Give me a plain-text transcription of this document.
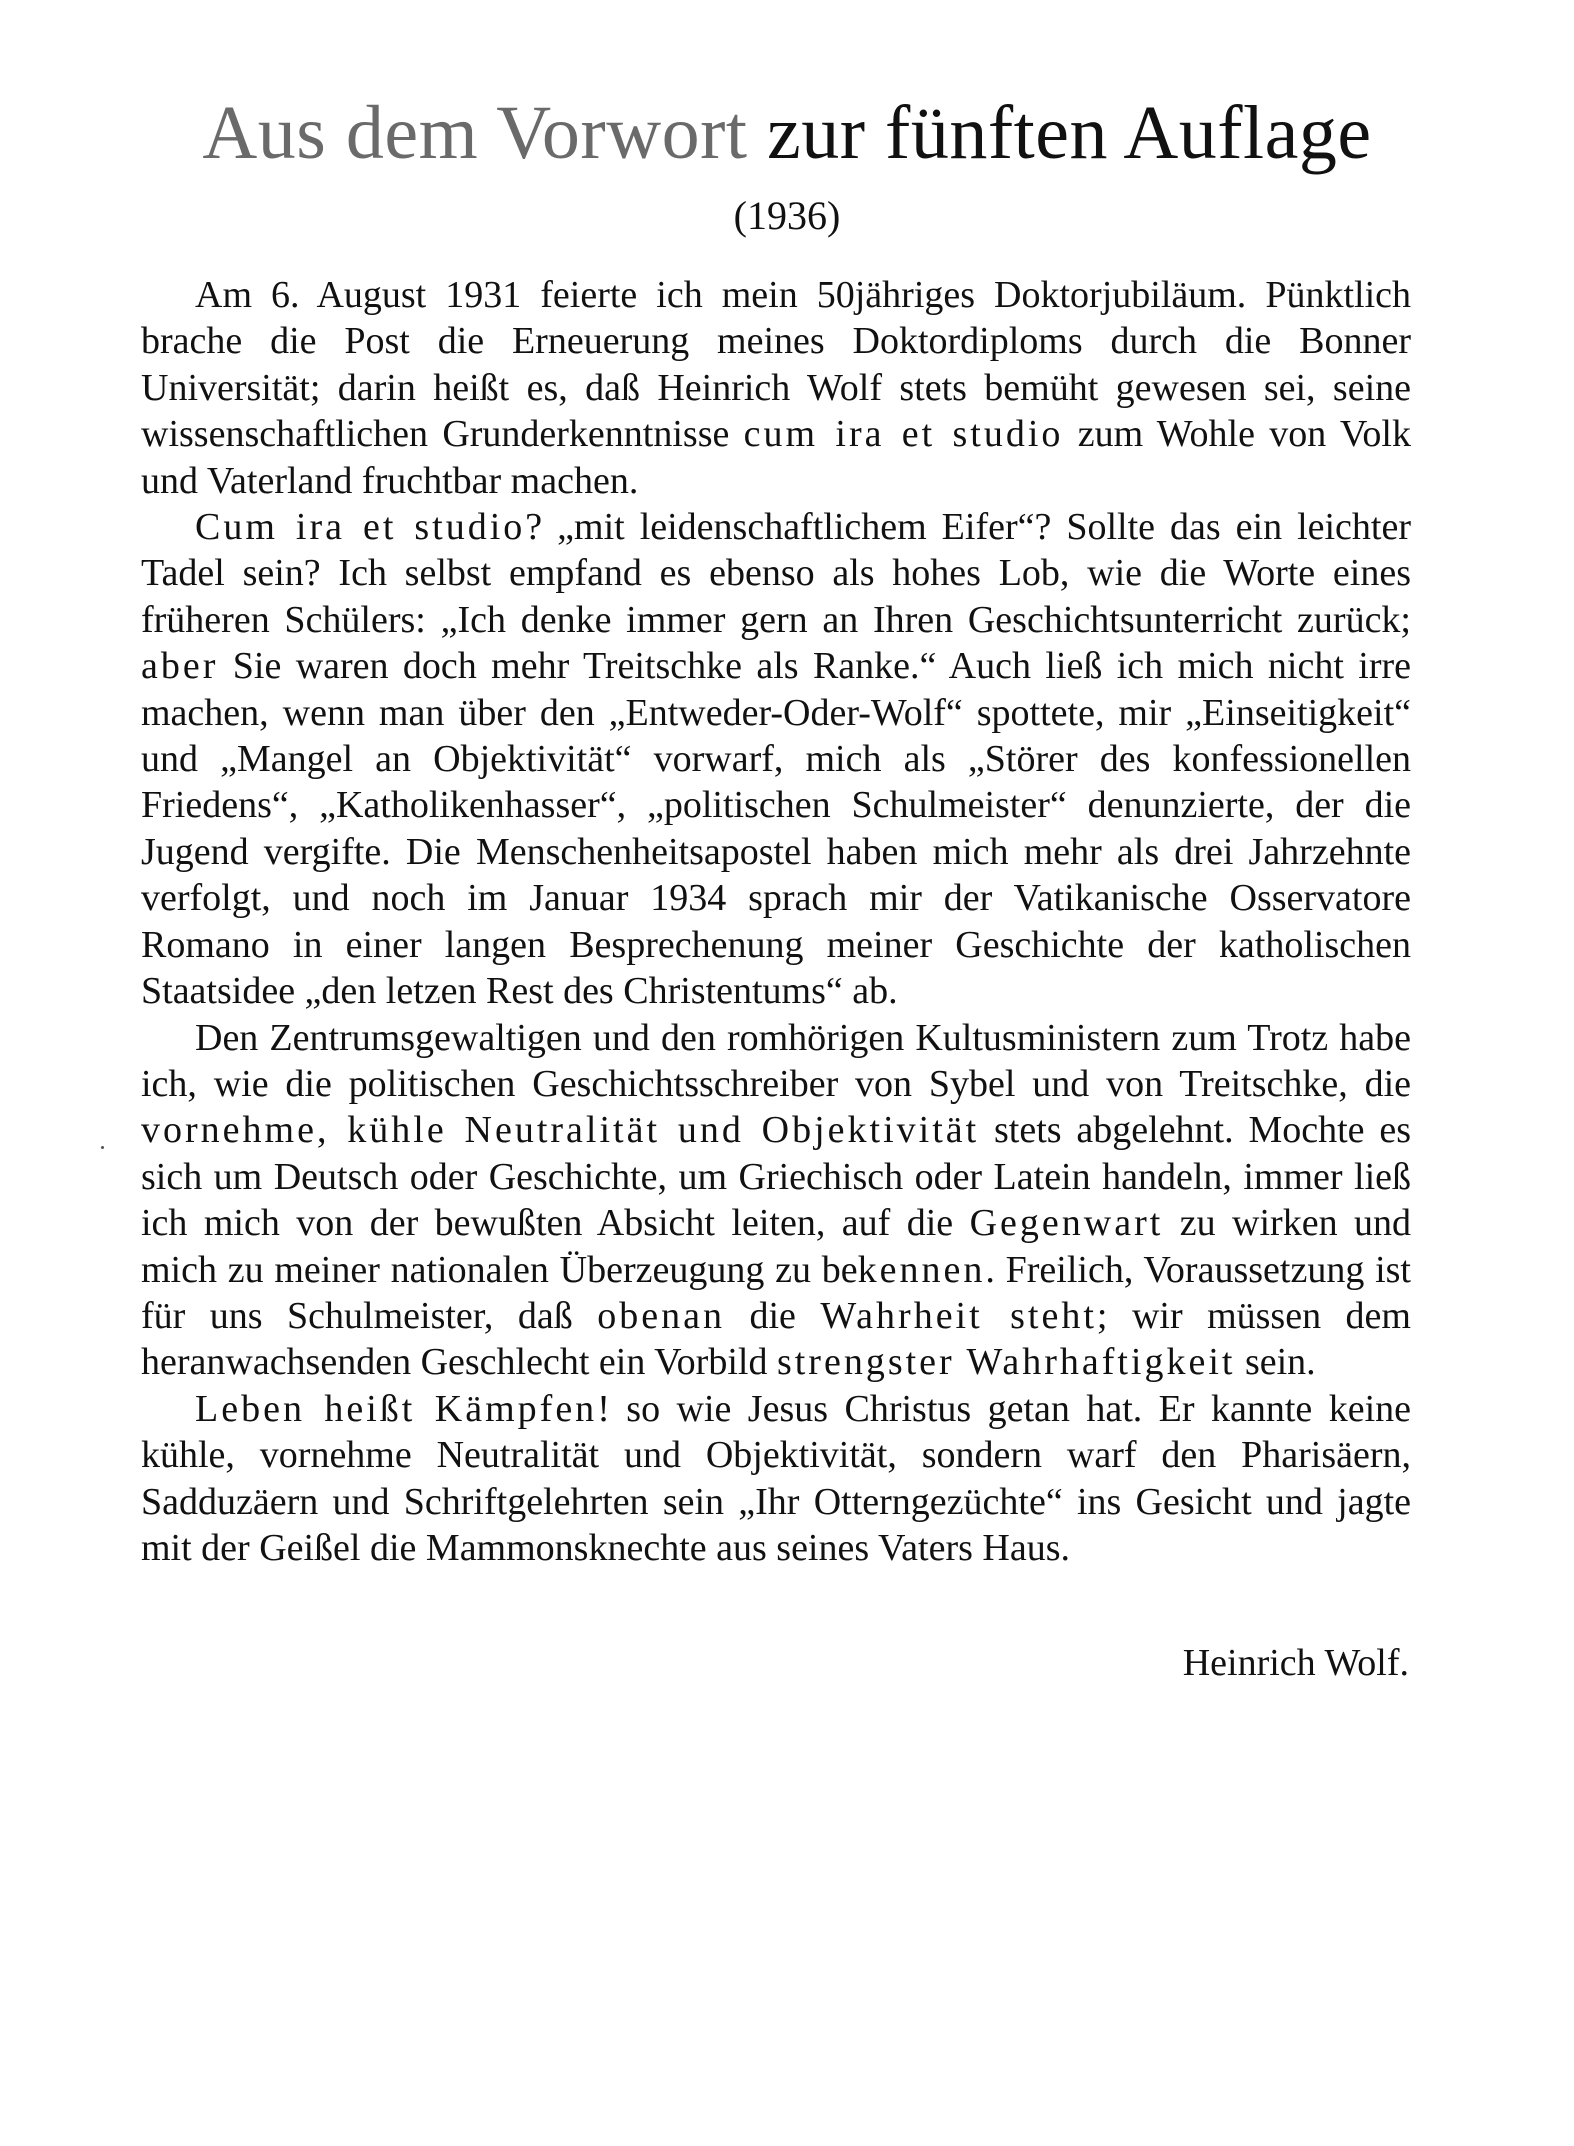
Aus dem Vorwort zur fünften Auflage
(1936)

Am 6. August 1931 feierte ich mein 50jähriges Doktorjubiläum. Pünktlich brache die Post die Erneuerung meines Doktordiploms durch die Bonner Universität; darin heißt es, daß Heinrich Wolf stets bemüht gewesen sei, seine wissenschaftlichen Grunderkenntnisse cum ira et studio zum Wohle von Volk und Vaterland fruchtbar machen.

Cum ira et studio? „mit leidenschaftlichem Eifer“? Sollte das ein leichter Tadel sein? Ich selbst empfand es ebenso als hohes Lob, wie die Worte eines früheren Schülers: „Ich denke immer gern an Ihren Geschichtsunterricht zurück; aber Sie waren doch mehr Treitschke als Ranke.“ Auch ließ ich mich nicht irre machen, wenn man über den „Entweder-Oder-Wolf“ spottete, mir „Einseitigkeit“ und „Mangel an Objektivität“ vorwarf, mich als „Störer des konfessionellen Friedens“, „Katholikenhasser“, „politischen Schulmeister“ denunzierte, der die Jugend vergifte. Die Menschenheitsapostel haben mich mehr als drei Jahrzehnte verfolgt, und noch im Januar 1934 sprach mir der Vatikanische Osservatore Romano in einer langen Besprechenung meiner Geschichte der katholischen Staatsidee „den letzen Rest des Christentums“ ab.

Den Zentrumsgewaltigen und den romhörigen Kultusministern zum Trotz habe ich, wie die politischen Geschichtsschreiber von Sybel und von Treitschke, die vornehme, kühle Neutralität und Objektivität stets abgelehnt. Mochte es sich um Deutsch oder Geschichte, um Griechisch oder Latein handeln, immer ließ ich mich von der bewußten Absicht leiten, auf die Gegenwart zu wirken und mich zu meiner nationalen Überzeugung zu bekennen. Freilich, Voraussetzung ist für uns Schulmeister, daß obenan die Wahrheit steht; wir müssen dem heranwachsenden Geschlecht ein Vorbild strengster Wahrhaftigkeit sein.

Leben heißt Kämpfen! so wie Jesus Christus getan hat. Er kannte keine kühle, vornehme Neutralität und Objektivität, sondern warf den Pharisäern, Sadduzäern und Schriftgelehrten sein „Ihr Otterngezüchte“ ins Gesicht und jagte mit der Geißel die Mammonsknechte aus seines Vaters Haus.

Heinrich Wolf.
